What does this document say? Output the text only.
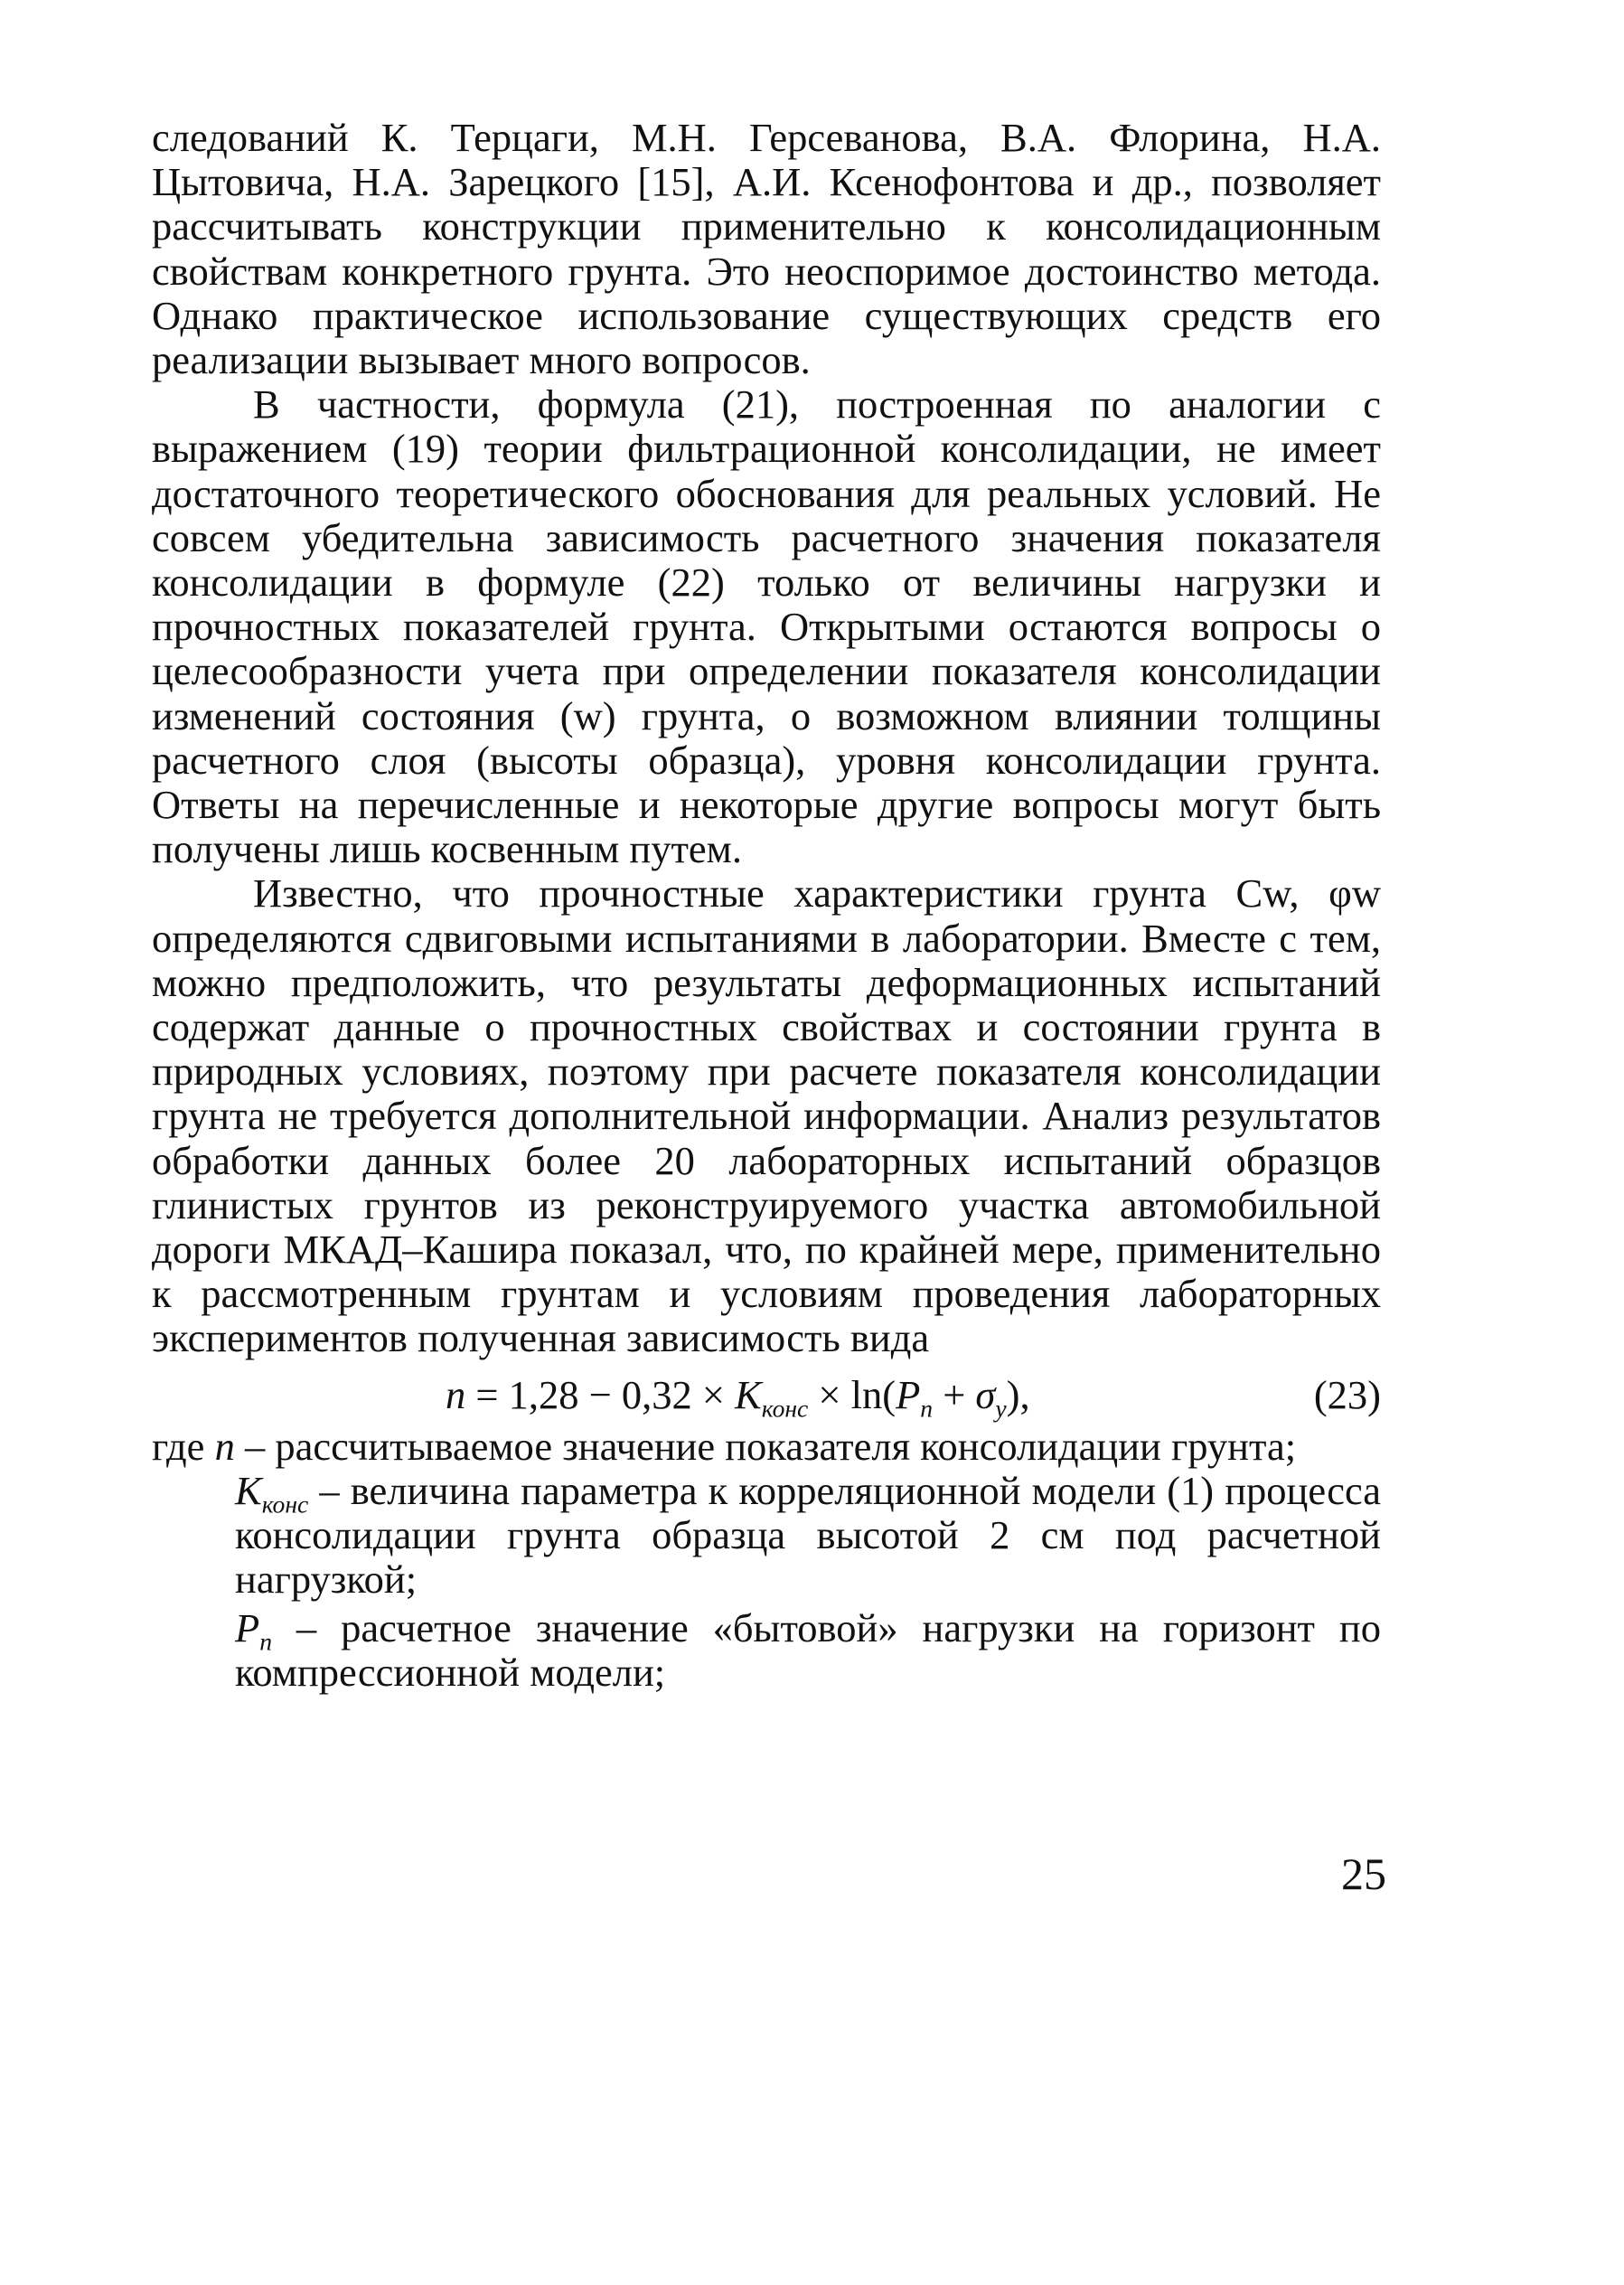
следований К. Терцаги, М.Н. Герсеванова, В.А. Флорина, Н.А. Цытовича, Н.А. Зарецкого [15], А.И. Ксенофонтова и др., позволяет рассчитывать конструкции применительно к консолидационным свойствам конкретного грунта. Это неоспоримое достоинство метода. Однако практическое использование существующих средств его реализации вызывает много вопросов.

В частности, формула (21), построенная по аналогии с выражением (19) теории фильтрационной консолидации, не имеет достаточного теоретического обоснования для реальных условий. Не совсем убедительна зависимость расчетного значения показателя консолидации в формуле (22) только от величины нагрузки и прочностных показателей грунта. Открытыми остаются вопросы о целесообразности учета при определении показателя консолидации изменений состояния (w) грунта, о возможном влиянии толщины расчетного слоя (высоты образца), уровня консолидации грунта. Ответы на перечисленные и некоторые другие вопросы могут быть получены лишь косвенным путем.

Известно, что прочностные характеристики грунта Cw, φw определяются сдвиговыми испытаниями в лаборатории. Вместе с тем, можно предположить, что результаты деформационных испытаний содержат данные о прочностных свойствах и состоянии грунта в природных условиях, поэтому при расчете показателя консолидации грунта не требуется дополнительной информации. Анализ результатов обработки данных более 20 лабораторных испытаний образцов глинистых грунтов из реконструируемого участка автомобильной дороги МКАД–Кашира показал, что, по крайней мере, применительно к рассмотренным грунтам и условиям проведения лабораторных экспериментов полученная зависимость вида

$n = 1,28 - 0,32 \times K_{конс} \times \ln(P_n + \sigma_y)$,	(23)

где n – рассчитываемое значение показателя консолидации грунта;

$K_{конс}$ – величина параметра к корреляционной модели (1) процесса консолидации грунта образца высотой 2 см под расчетной нагрузкой;

$P_n$ – расчетное значение «бытовой» нагрузки на горизонт по компрессионной модели;

25
